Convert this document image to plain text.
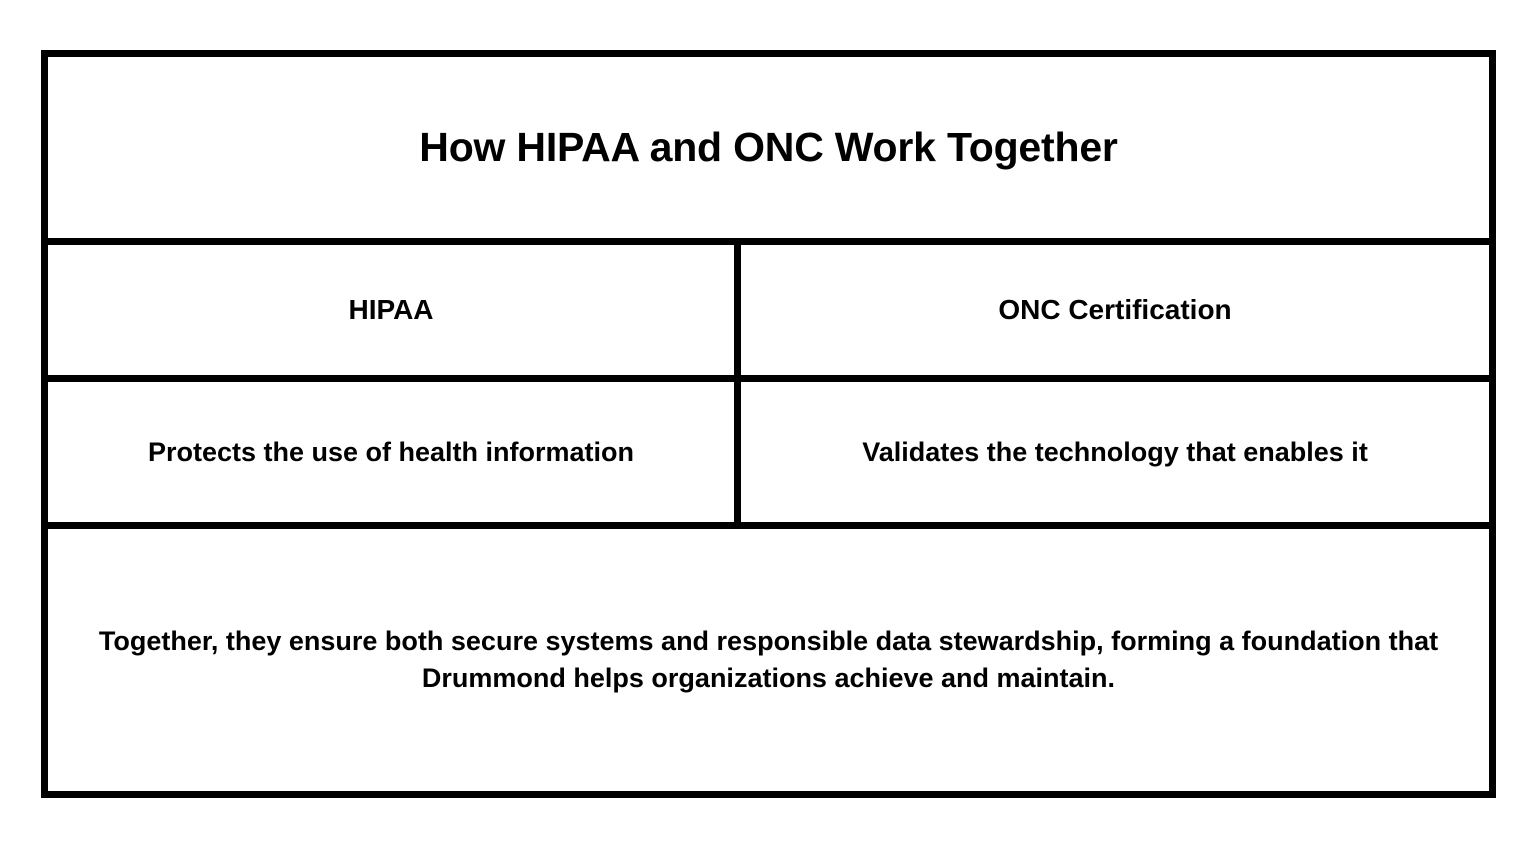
How HIPAA and ONC Work Together
HIPAA	ONC Certification
Protects the use of health information	Validates the technology that enables it
Together, they ensure both secure systems and responsible data stewardship, forming a foundation that Drummond helps organizations achieve and maintain.
